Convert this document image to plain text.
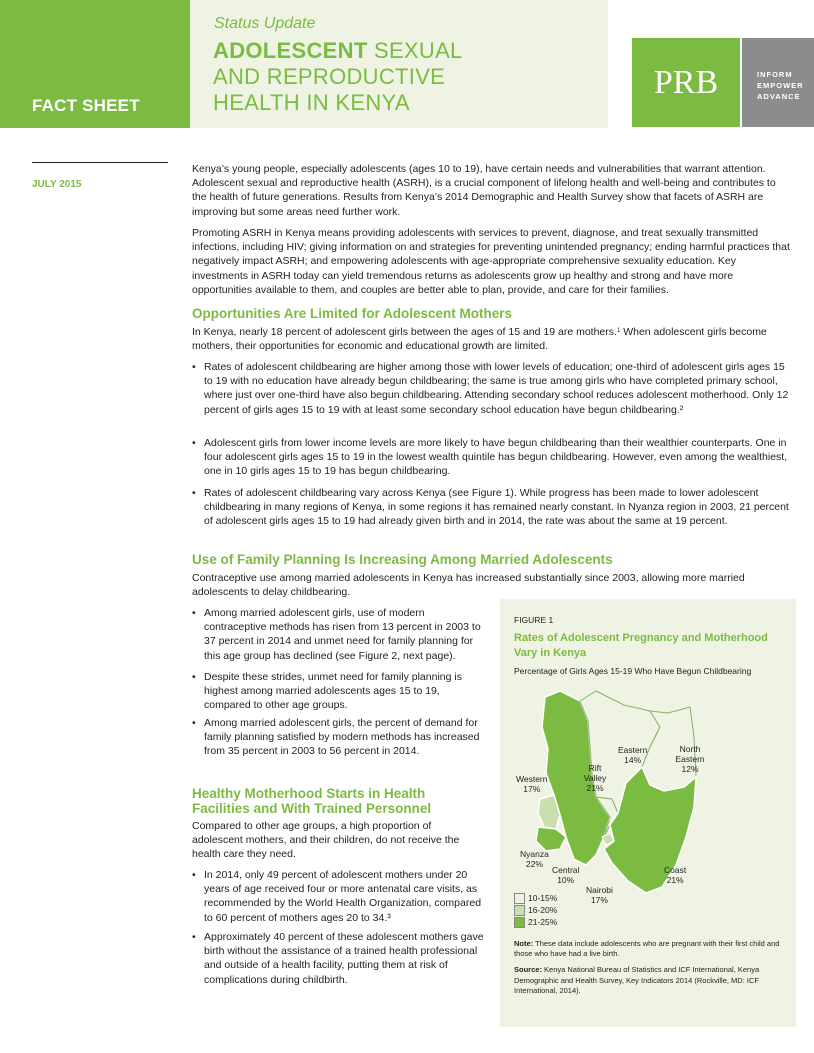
FACT SHEET
Status Update
ADOLESCENT SEXUAL
AND REPRODUCTIVE
HEALTH IN KENYA
PRB	INFORM
EMPOWER
ADVANCE
JULY 2015
Kenya’s young people, especially adolescents (ages 10 to 19), have certain needs and vulnerabilities that warrant attention. Adolescent sexual and reproductive health (ASRH), is a crucial component of lifelong health and well-being and contributes to the health of future generations. Results from Kenya’s 2014 Demographic and Health Survey show that facets of ASRH are improving but some areas need further work.
Promoting ASRH in Kenya means providing adolescents with services to prevent, diagnose, and treat sexually transmitted infections, including HIV; giving information on and strategies for preventing unintended pregnancy; ending harmful practices that negatively impact ASRH; and empowering adolescents with age-appropriate comprehensive sexuality education. Key investments in ASRH today can yield tremendous returns as adolescents grow up healthy and strong and have more opportunities available to them, and couples are better able to plan, provide, and care for their families.
Opportunities Are Limited for Adolescent Mothers
In Kenya, nearly 18 percent of adolescent girls between the ages of 15 and 19 are mothers.$^1$ When adolescent girls become mothers, their opportunities for economic and educational growth are limited.
• Rates of adolescent childbearing are higher among those with lower levels of education; one-third of adolescent girls ages 15 to 19 with no education have already begun childbearing; the same is true among girls who have completed primary school, where just over one-third have also begun childbearing. Attending secondary school reduces adolescent motherhood. Only 12 percent of girls ages 15 to 19 with at least some secondary school education have begun childbearing.²
• Adolescent girls from lower income levels are more likely to have begun childbearing than their wealthier counterparts. One in four adolescent girls ages 15 to 19 in the lowest wealth quintile has begun childbearing. However, even among the wealthiest, one in 10 girls ages 15 to 19 has begun childbearing.
• Rates of adolescent childbearing vary across Kenya (see Figure 1). While progress has been made to lower adolescent childbearing in many regions of Kenya, in some regions it has remained nearly constant. In Nyanza region in 2003, 21 percent of adolescent girls ages 15 to 19 had already given birth and in 2014, the rate was about the same at 19 percent.
Use of Family Planning Is Increasing Among Married Adolescents
Contraceptive use among married adolescents in Kenya has increased substantially since 2003, allowing more married adolescents to delay childbearing.
• Among married adolescent girls, use of modern contraceptive methods has risen from 13 percent in 2003 to 37 percent in 2014 and unmet need for family planning for this age group has declined (see Figure 2, next page).
• Despite these strides, unmet need for family planning is highest among married adolescents ages 15 to 19, compared to other age groups.
• Among married adolescent girls, the percent of demand for family planning satisfied by modern methods has increased from 35 percent in 2003 to 56 percent in 2014.
Healthy Motherhood Starts in Health
Facilities and With Trained Personnel
Compared to other age groups, a high proportion of adolescent mothers, and their children, do not receive the health care they need.
• In 2014, only 49 percent of adolescent mothers under 20 years of age received four or more antenatal care visits, as recommended by the World Health Organization, compared to 60 percent of mothers ages 20 to 34.³
• Approximately 40 percent of these adolescent mothers gave birth without the assistance of a trained health professional and outside of a health facility, putting them at risk of complications during childbirth.
FIGURE 1
Rates of Adolescent Pregnancy and Motherhood Vary in Kenya
Percentage of Girls Ages 15-19 Who Have Begun Childbearing
Eastern
14%
North Eastern
12%
Western
17%
Rift Valley
21%
Nyanza
22%
Central
10%
Nairobi
17%
Coast
21%
10-15%
16-20%
21-25%
Note: These data include adolescents who are pregnant with their first child and those who have had a live birth.
Source: Kenya National Bureau of Statistics and ICF International, Kenya Demographic and Health Survey, Key Indicators 2014 (Rockville, MD: ICF International, 2014).
